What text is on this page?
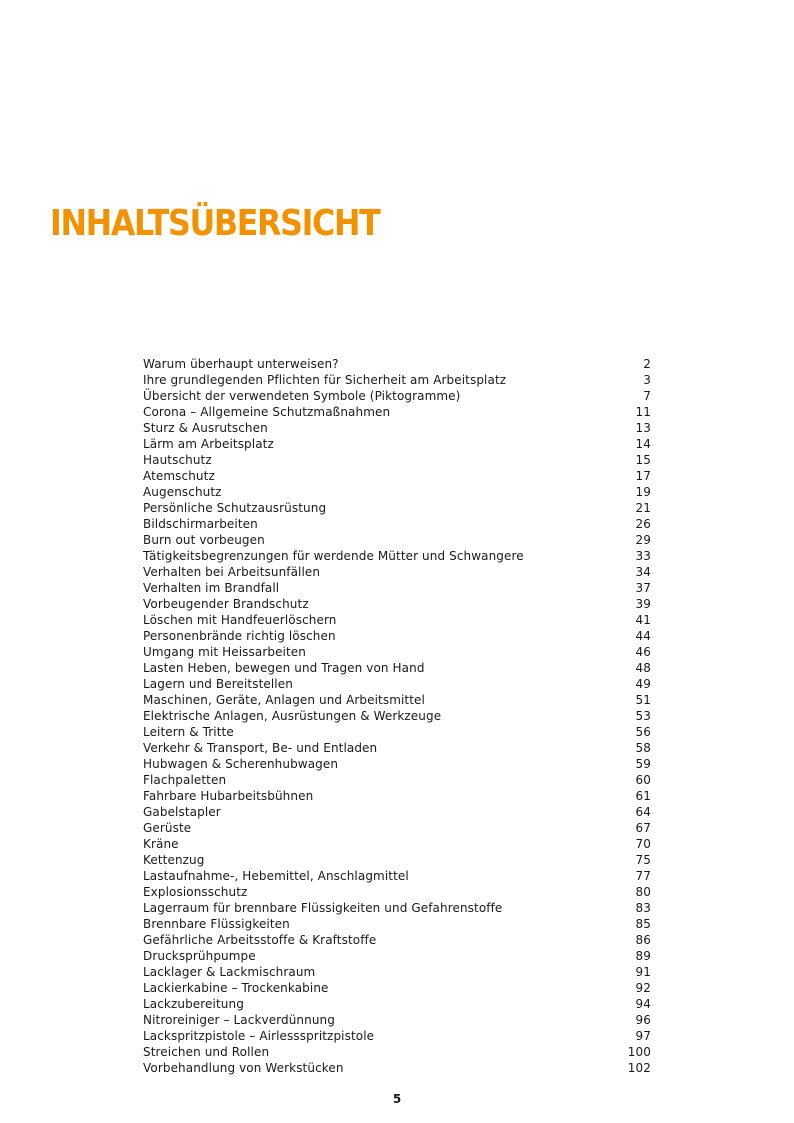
INHALTSÜBERSICHT
Warum überhaupt unterweisen?	2
Ihre grundlegenden Pflichten für Sicherheit am Arbeitsplatz	3
Übersicht der verwendeten Symbole (Piktogramme)	7
Corona – Allgemeine Schutzmaßnahmen	11
Sturz & Ausrutschen	13
Lärm am Arbeitsplatz	14
Hautschutz	15
Atemschutz	17
Augenschutz	19
Persönliche Schutzausrüstung	21
Bildschirmarbeiten	26
Burn out vorbeugen	29
Tätigkeitsbegrenzungen für werdende Mütter und Schwangere	33
Verhalten bei Arbeitsunfällen	34
Verhalten im Brandfall	37
Vorbeugender Brandschutz	39
Löschen mit Handfeuerlöschern	41
Personenbrände richtig löschen	44
Umgang mit Heissarbeiten	46
Lasten Heben, bewegen und Tragen von Hand	48
Lagern und Bereitstellen	49
Maschinen, Geräte, Anlagen und Arbeitsmittel	51
Elektrische Anlagen, Ausrüstungen & Werkzeuge	53
Leitern & Tritte	56
Verkehr & Transport, Be- und Entladen	58
Hubwagen & Scherenhubwagen	59
Flachpaletten	60
Fahrbare Hubarbeitsbühnen	61
Gabelstapler	64
Gerüste	67
Kräne	70
Kettenzug	75
Lastaufnahme-, Hebemittel, Anschlagmittel	77
Explosionsschutz	80
Lagerraum für brennbare Flüssigkeiten und Gefahrenstoffe	83
Brennbare Flüssigkeiten	85
Gefährliche Arbeitsstoffe & Kraftstoffe	86
Drucksprühpumpe	89
Lacklager & Lackmischraum	91
Lackierkabine – Trockenkabine	92
Lackzubereitung	94
Nitroreiniger – Lackverdünnung	96
Lackspritzpistole – Airlessspritzpistole	97
Streichen und Rollen	100
Vorbehandlung von Werkstücken	102
5
